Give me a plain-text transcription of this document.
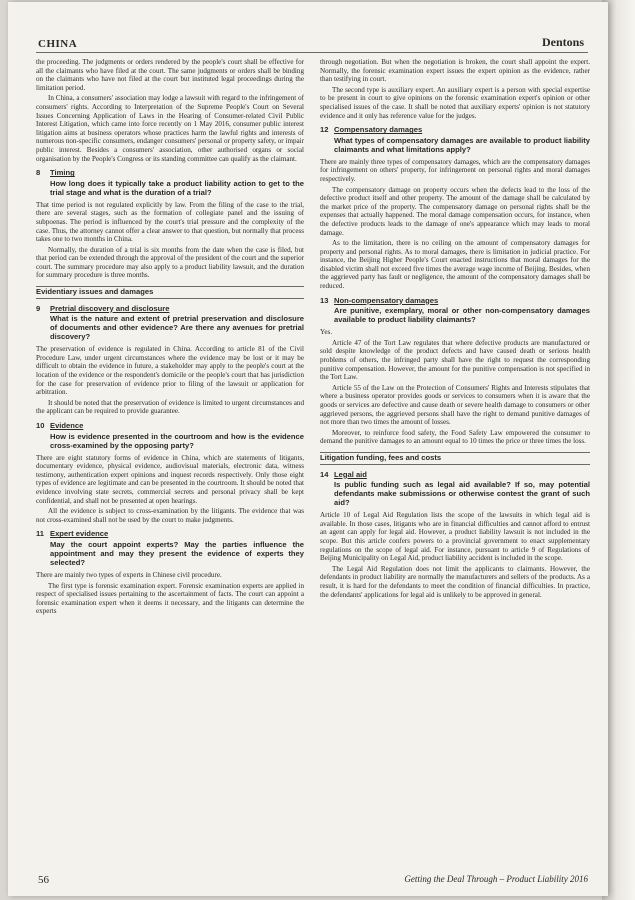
CHINA	Dentons

the proceeding. The judgments or orders rendered by the people's court shall be effective for all the claimants who have filed at the court. The same judgments or orders shall be binding on the claimants who have not filed at the court but instituted legal proceedings during the limitation period.

In China, a consumers' association may lodge a lawsuit with regard to the infringement of consumers' rights. According to Interpretation of the Supreme People's Court on Several Issues Concerning Application of Laws in the Hearing of Consumer-related Civil Public Interest Litigation, which came into force recently on 1 May 2016, consumer public interest litigation aims at business operators whose practices harm the lawful rights and interests of numerous non-specific consumers, endanger consumers' personal or property safety, or impair public interest. Besides a consumers' association, other authorised organs or social organisation by the People's Congress or its standing committee can qualify as the claimant.

8	Timing
How long does it typically take a product liability action to get to the trial stage and what is the duration of a trial?

That time period is not regulated explicitly by law. From the filing of the case to the trial, there are several stages, such as the formation of collegiate panel and the issuing of subpoenas. The period is influenced by the court's trial pressure and the complexity of the case. Thus, the attorney cannot offer a clear answer to that question, but normally that process takes one to two months in China.

Normally, the duration of a trial is six months from the date when the case is filed, but that period can be extended through the approval of the president of the court and the superior court. The summary procedure may also apply to a product liability lawsuit, and the duration for summary procedure is three months.

Evidentiary issues and damages
9	Pretrial discovery and disclosure
What is the nature and extent of pretrial preservation and disclosure of documents and other evidence? Are there any avenues for pretrial discovery?

The preservation of evidence is regulated in China. According to article 81 of the Civil Procedure Law, under urgent circumstances where the evidence may be lost or it may be difficult to obtain the evidence in future, a stakeholder may apply to the people's court at the location of the evidence or the respondent's domicile or the people's court that has jurisdiction for the case for preservation of evidence prior to filing of the lawsuit or application for arbitration.

It should be noted that the preservation of evidence is limited to urgent circumstances and the applicant can be required to provide guarantee.

10 Evidence
How is evidence presented in the courtroom and how is the evidence cross-examined by the opposing party?

There are eight statutory forms of evidence in China, which are statements of litigants, documentary evidence, physical evidence, audiovisual materials, electronic data, witness testimony, authentication expert opinions and inquest records respectively. Only those eight types of evidence are legitimate and can be presented in the courtroom. It should be noted that evidence involving state secrets, commercial secrets and personal privacy shall be kept confidential, and shall not be presented at open hearings.

All the evidence is subject to cross-examination by the litigants. The evidence that was not cross-examined shall not be used by the court to make judgments.

11 Expert evidence
May the court appoint experts? May the parties influence the appointment and may they present the evidence of experts they selected?

There are mainly two types of experts in Chinese civil procedure.

The first type is forensic examination expert. Forensic examination experts are applied in respect of specialised issues pertaining to the ascertainment of facts. The court can appoint a forensic examination expert when it deems it necessary, and the litigants can determine the experts

through negotiation. But when the negotiation is broken, the court shall appoint the expert. Normally, the forensic examination expert issues the expert opinion as the evidence, rather than testifying in court.

The second type is auxiliary expert. An auxiliary expert is a person with special expertise to be present in court to give opinions on the forensic examination expert's opinion or other specialised issues of the case. It shall be noted that auxiliary experts' opinion is not statutory evidence and it only has reference value for the judges.

12 Compensatory damages
What types of compensatory damages are available to product liability claimants and what limitations apply?

There are mainly three types of compensatory damages, which are the compensatory damages for infringement on others' property, for infringement on personal rights and moral damages respectively.

The compensatory damage on property occurs when the defects lead to the loss of the defective product itself and other property. The amount of the damage shall be calculated by the market price of the property. The compensatory damage on personal rights shall be the expenses that actually happened. The moral damage compensation occurs, for instance, when the defective products leads to the damage of one's appearance which may leads to moral damage.

As to the limitation, there is no ceiling on the amount of compensatory damages for property and personal rights. As to moral damages, there is limitation in judicial practice. For instance, the Beijing Higher People's Court enacted instructions that moral damages for the disabled victim shall not exceed five times the average wage income of Beijing. Besides, when the aggrieved party has fault or negligence, the amount of the compensatory damages shall be reduced.

13 Non-compensatory damages
Are punitive, exemplary, moral or other non-compensatory damages available to product liability claimants?

Yes.

Article 47 of the Tort Law regulates that where defective products are manufactured or sold despite knowledge of the product defects and have caused death or serious health problems of others, the infringed party shall have the right to request the corresponding punitive compensation. However, the amount for the punitive compensation is not specified in the Tort Law.

Article 55 of the Law on the Protection of Consumers' Rights and Interests stipulates that where a business operator provides goods or services to consumers when it is aware that the goods or services are defective and cause death or severe health damage to consumers or other aggrieved persons, the aggrieved persons shall have the right to demand punitive damages of not more than two times the amount of losses.

Moreover, to reinforce food safety, the Food Safety Law empowered the consumer to demand the punitive damages to an amount equal to 10 times the price or three times the loss.

Litigation funding, fees and costs
14 Legal aid
Is public funding such as legal aid available? If so, may potential defendants make submissions or otherwise contest the grant of such aid?

Article 10 of Legal Aid Regulation lists the scope of the lawsuits in which legal aid is available. In those cases, litigants who are in financial difficulties and cannot afford to entrust an agent can apply for legal aid. However, a product liability lawsuit is not included in the scope. But this article confers powers to a provincial government to enact supplementary regulations on the scope of legal aid. For instance, pursuant to article 9 of Regulations of Beijing Municipality on Legal Aid, product liability accident is included in the scope.

The Legal Aid Regulation does not limit the applicants to claimants. However, the defendants in product liability are normally the manufacturers and sellers of the products. As a result, it is hard for the defendants to meet the condition of financial difficulties. In practice, the defendants' applications for legal aid is unlikely to be approved in general.

56	Getting the Deal Through – Product Liability 2016
